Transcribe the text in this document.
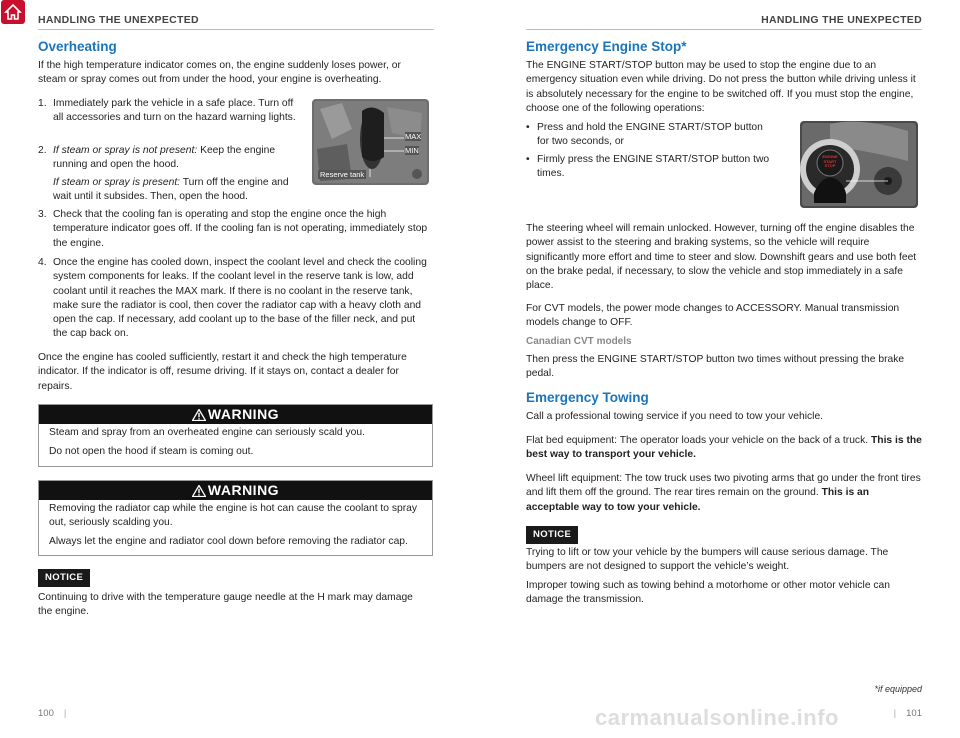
HANDLING THE UNEXPECTED
Overheating
If the high temperature indicator comes on, the engine suddenly loses power, or steam or spray comes out from under the hood, your engine is overheating.
1. Immediately park the vehicle in a safe place. Turn off all accessories and turn on the hazard warning lights.
2. If steam or spray is not present: Keep the engine running and open the hood.
If steam or spray is present: Turn off the engine and wait until it subsides. Then, open the hood.
3. Check that the cooling fan is operating and stop the engine once the high temperature indicator goes off. If the cooling fan is not operating, immediately stop the engine.
4. Once the engine has cooled down, inspect the coolant level and check the cooling system components for leaks. If the coolant level in the reserve tank is low, add coolant until it reaches the MAX mark. If there is no coolant in the reserve tank, make sure the radiator is cool, then cover the radiator cap with a heavy cloth and open the cap. If necessary, add coolant up to the base of the filler neck, and put the cap back on.
MAX
MIN
Reserve tank
Once the engine has cooled sufficiently, restart it and check the high temperature indicator. If the indicator is off, resume driving. If it stays on, contact a dealer for repairs.
WARNING
Steam and spray from an overheated engine can seriously scald you.
Do not open the hood if steam is coming out.
WARNING
Removing the radiator cap while the engine is hot can cause the coolant to spray out, seriously scalding you.
Always let the engine and radiator cool down before removing the radiator cap.
NOTICE
Continuing to drive with the temperature gauge needle at the H mark may damage the engine.
100 |
HANDLING THE UNEXPECTED
Emergency Engine Stop*
The ENGINE START/STOP button may be used to stop the engine due to an emergency situation even while driving. Do not press the button while driving unless it is absolutely necessary for the engine to be switched off. If you must stop the engine, choose one of the following operations:
• Press and hold the ENGINE START/STOP button for two seconds, or
• Firmly press the ENGINE START/STOP button two times.
ENGINE
START
STOP
The steering wheel will remain unlocked. However, turning off the engine disables the power assist to the steering and braking systems, so the vehicle will require significantly more effort and time to steer and slow. Downshift gears and use both feet on the brake pedal, if necessary, to slow the vehicle and stop immediately in a safe place.
For CVT models, the power mode changes to ACCESSORY. Manual transmission models change to OFF.
Canadian CVT models
Then press the ENGINE START/STOP button two times without pressing the brake pedal.
Emergency Towing
Call a professional towing service if you need to tow your vehicle.
Flat bed equipment: The operator loads your vehicle on the back of a truck. This is the best way to transport your vehicle.
Wheel lift equipment: The tow truck uses two pivoting arms that go under the front tires and lift them off the ground. The rear tires remain on the ground. This is an acceptable way to tow your vehicle.
NOTICE
Trying to lift or tow your vehicle by the bumpers will cause serious damage. The bumpers are not designed to support the vehicle’s weight.
Improper towing such as towing behind a motorhome or other motor vehicle can damage the transmission.
*if equipped
| 101
carmanualsonline.info
